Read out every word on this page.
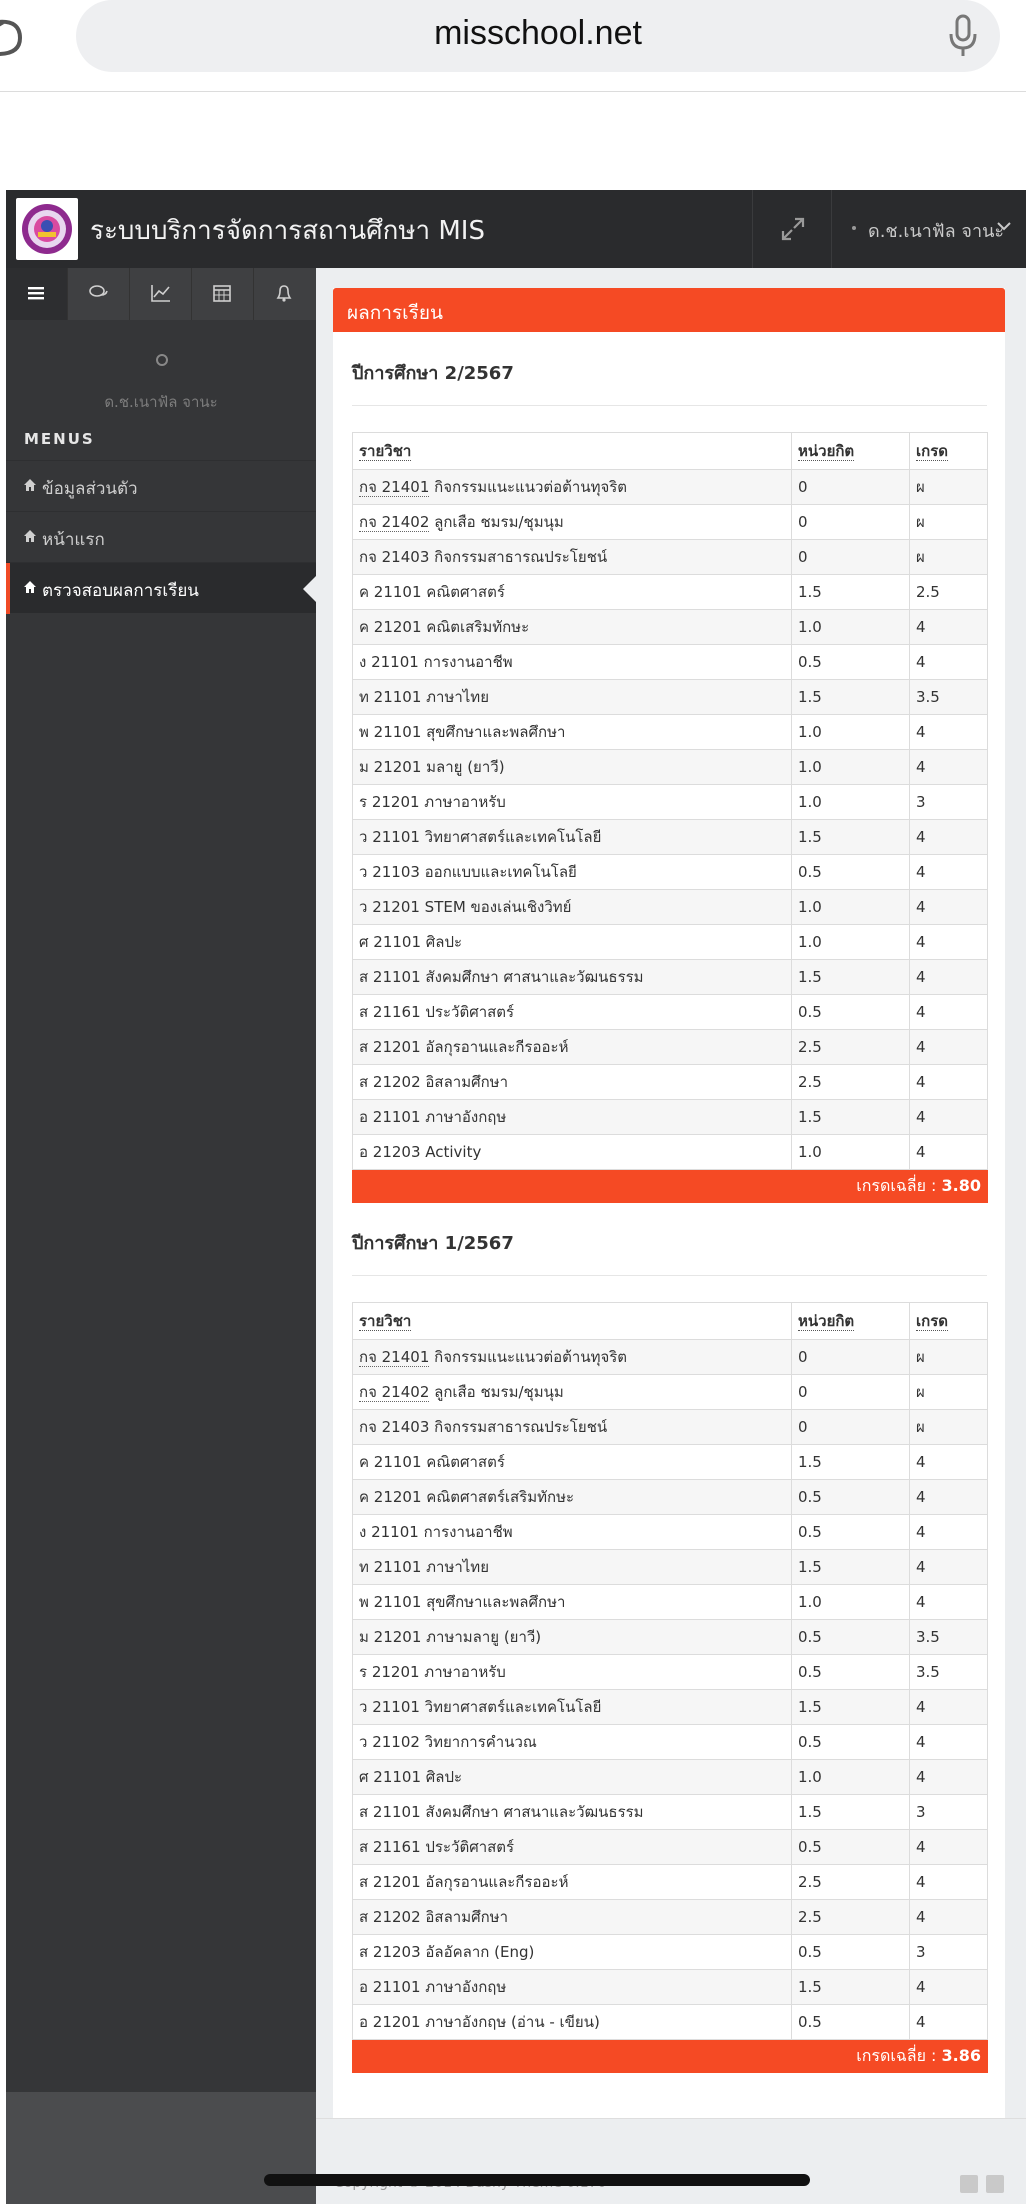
misschool.net
ระบบบริการจัดการสถานศึกษา MIS	ด.ช.เนาฟัล จานะ
ด.ช.เนาฟัล จานะ
MENUS
ข้อมูลส่วนตัว
หน้าแรก
ตรวจสอบผลการเรียน
ผลการเรียน
ปีการศึกษา 2/2567
รายวิชา	หน่วยกิต	เกรด
กจ 21401 กิจกรรมแนะแนวต่อต้านทุจริต	0	ผ
กจ 21402 ลูกเสือ ชมรม/ชุมนุม	0	ผ
กจ 21403 กิจกรรมสาธารณประโยชน์	0	ผ
ค 21101 คณิตศาสตร์	1.5	2.5
ค 21201 คณิตเสริมทักษะ	1.0	4
ง 21101 การงานอาชีพ	0.5	4
ท 21101 ภาษาไทย	1.5	3.5
พ 21101 สุขศึกษาและพลศึกษา	1.0	4
ม 21201 มลายู (ยาวี)	1.0	4
ร 21201 ภาษาอาหรับ	1.0	3
ว 21101 วิทยาศาสตร์และเทคโนโลยี	1.5	4
ว 21103 ออกแบบและเทคโนโลยี	0.5	4
ว 21201 STEM ของเล่นเชิงวิทย์	1.0	4
ศ 21101 ศิลปะ	1.0	4
ส 21101 สังคมศึกษา ศาสนาและวัฒนธรรม	1.5	4
ส 21161 ประวัติศาสตร์	0.5	4
ส 21201 อัลกุรอานและกีรออะห์	2.5	4
ส 21202 อิสลามศึกษา	2.5	4
อ 21101 ภาษาอังกฤษ	1.5	4
อ 21203 Activity	1.0	4
เกรดเฉลี่ย : 3.80		
ปีการศึกษา 1/2567
รายวิชา	หน่วยกิต	เกรด
กจ 21401 กิจกรรมแนะแนวต่อต้านทุจริต	0	ผ
กจ 21402 ลูกเสือ ชมรม/ชุมนุม	0	ผ
กจ 21403 กิจกรรมสาธารณประโยชน์	0	ผ
ค 21101 คณิตศาสตร์	1.5	4
ค 21201 คณิตศาสตร์เสริมทักษะ	0.5	4
ง 21101 การงานอาชีพ	0.5	4
ท 21101 ภาษาไทย	1.5	4
พ 21101 สุขศึกษาและพลศึกษา	1.0	4
ม 21201 ภาษามลายู (ยาวี)	0.5	3.5
ร 21201 ภาษาอาหรับ	0.5	3.5
ว 21101 วิทยาศาสตร์และเทคโนโลยี	1.5	4
ว 21102 วิทยาการคำนวณ	0.5	4
ศ 21101 ศิลปะ	1.0	4
ส 21101 สังคมศึกษา ศาสนาและวัฒนธรรม	1.5	3
ส 21161 ประวัติศาสตร์	0.5	4
ส 21201 อัลกุรอานและกีรออะห์	2.5	4
ส 21202 อิสลามศึกษา	2.5	4
ส 21203 อัลอัคลาก (Eng)	0.5	3
อ 21101 ภาษาอังกฤษ	1.5	4
อ 21201 ภาษาอังกฤษ (อ่าน - เขียน)	0.5	4
เกรดเฉลี่ย : 3.86		
